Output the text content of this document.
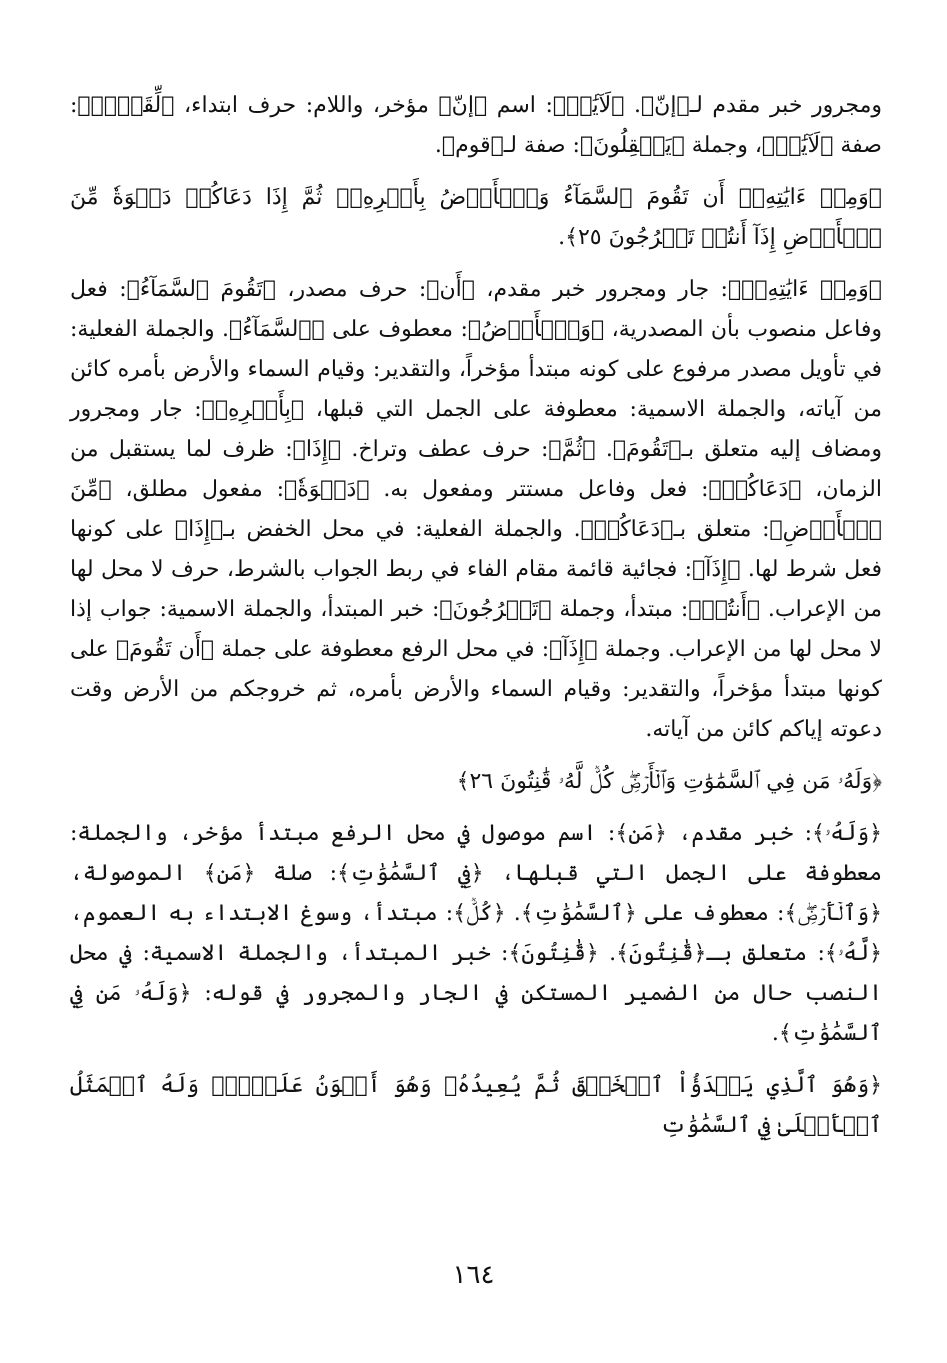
ومجرور خبر مقدم لـ﴿إنّ﴾. ﴿لَآيَٰتٖ﴾: اسم ﴿إنّ﴾ مؤخر، واللام: حرف ابتداء، ﴿لِّقَوۡمٖ﴾: صفة ﴿لَآيَٰتٖ﴾، وجملة ﴿يَعۡقِلُونَ﴾: صفة لـ﴿قوم﴾.

﴿وَمِنۡ ءَايَٰتِهِۦٓ أَن تَقُومَ ٱلسَّمَآءُ وَٱلۡأَرۡضُ بِأَمۡرِهِۦۚ ثُمَّ إِذَا دَعَاكُمۡ دَعۡوَةٗ مِّنَ ٱلۡأَرۡضِ إِذَآ أَنتُمۡ تَخۡرُجُونَ ٢٥﴾.

﴿وَمِنۡ ءَايَٰتِهِۦٓ﴾: جار ومجرور خبر مقدم، ﴿أَن﴾: حرف مصدر، ﴿تَقُومَ ٱلسَّمَآءُ﴾: فعل وفاعل منصوب بأن المصدرية، ﴿وَٱلۡأَرۡضُ﴾: معطوف على ﴿ٱلسَّمَآءُ﴾. والجملة الفعلية: في تأويل مصدر مرفوع على كونه مبتدأ مؤخراً، والتقدير: وقيام السماء والأرض بأمره كائن من آياته، والجملة الاسمية: معطوفة على الجمل التي قبلها، ﴿بِأَمۡرِهِۦ﴾: جار ومجرور ومضاف إليه متعلق بـ﴿تَقُومَ﴾. ﴿ثُمَّ﴾: حرف عطف وتراخ. ﴿إِذَا﴾: ظرف لما يستقبل من الزمان، ﴿دَعَاكُمۡ﴾: فعل وفاعل مستتر ومفعول به. ﴿دَعۡوَةٗ﴾: مفعول مطلق، ﴿مِّنَ ٱلۡأَرۡضِ﴾: متعلق بـ﴿دَعَاكُمۡ﴾. والجملة الفعلية: في محل الخفض بـ﴿إِذَا﴾ على كونها فعل شرط لها. ﴿إِذَآ﴾: فجائية قائمة مقام الفاء في ربط الجواب بالشرط، حرف لا محل لها من الإعراب. ﴿أَنتُمۡ﴾: مبتدأ، وجملة ﴿تَخۡرُجُونَ﴾: خبر المبتدأ، والجملة الاسمية: جواب إذا لا محل لها من الإعراب. وجملة ﴿إِذَآ﴾: في محل الرفع معطوفة على جملة ﴿أَن تَقُومَ﴾ على كونها مبتدأ مؤخراً، والتقدير: وقيام السماء والأرض بأمره، ثم خروجكم من الأرض وقت دعوته إياكم كائن من آياته.

﴿وَلَهُۥ مَن فِي ٱلسَّمَٰوَٰتِ وَٱلۡأَرۡضِۖ كُلّٞ لَّهُۥ قَٰنِتُونَ ٢٦﴾

﴿وَلَهُۥ﴾: خبر مقدم، ﴿مَن﴾: اسم موصول في محل الرفع مبتدأ مؤخر، والجملة: معطوفة على الجمل التي قبلها، ﴿فِي ٱلسَّمَٰوَٰتِ﴾: صلة ﴿مَن﴾ الموصولة، ﴿وَٱلۡأَرۡضِۖ﴾: معطوف على ﴿ٱلسَّمَٰوَٰتِ﴾. ﴿كُلّٞ﴾: مبتدأ، وسوغ الابتداء به العموم، ﴿لَّهُۥ﴾: متعلق بـ﴿قَٰنِتُونَ﴾. ﴿قَٰنِتُونَ﴾: خبر المبتدأ، والجملة الاسمية: في محل النصب حال من الضمير المستكن في الجار والمجرور في قوله: ﴿وَلَهُۥ مَن فِي ٱلسَّمَٰوَٰتِ﴾.

﴿وَهُوَ ٱلَّذِي يَبۡدَؤُاْ ٱلۡخَلۡقَ ثُمَّ يُعِيدُهُۥ وَهُوَ أَهۡوَنُ عَلَيۡهِۚ وَلَهُ ٱلۡمَثَلُ ٱلۡأَعۡلَىٰ فِي ٱلسَّمَٰوَٰتِ

١٦٤
